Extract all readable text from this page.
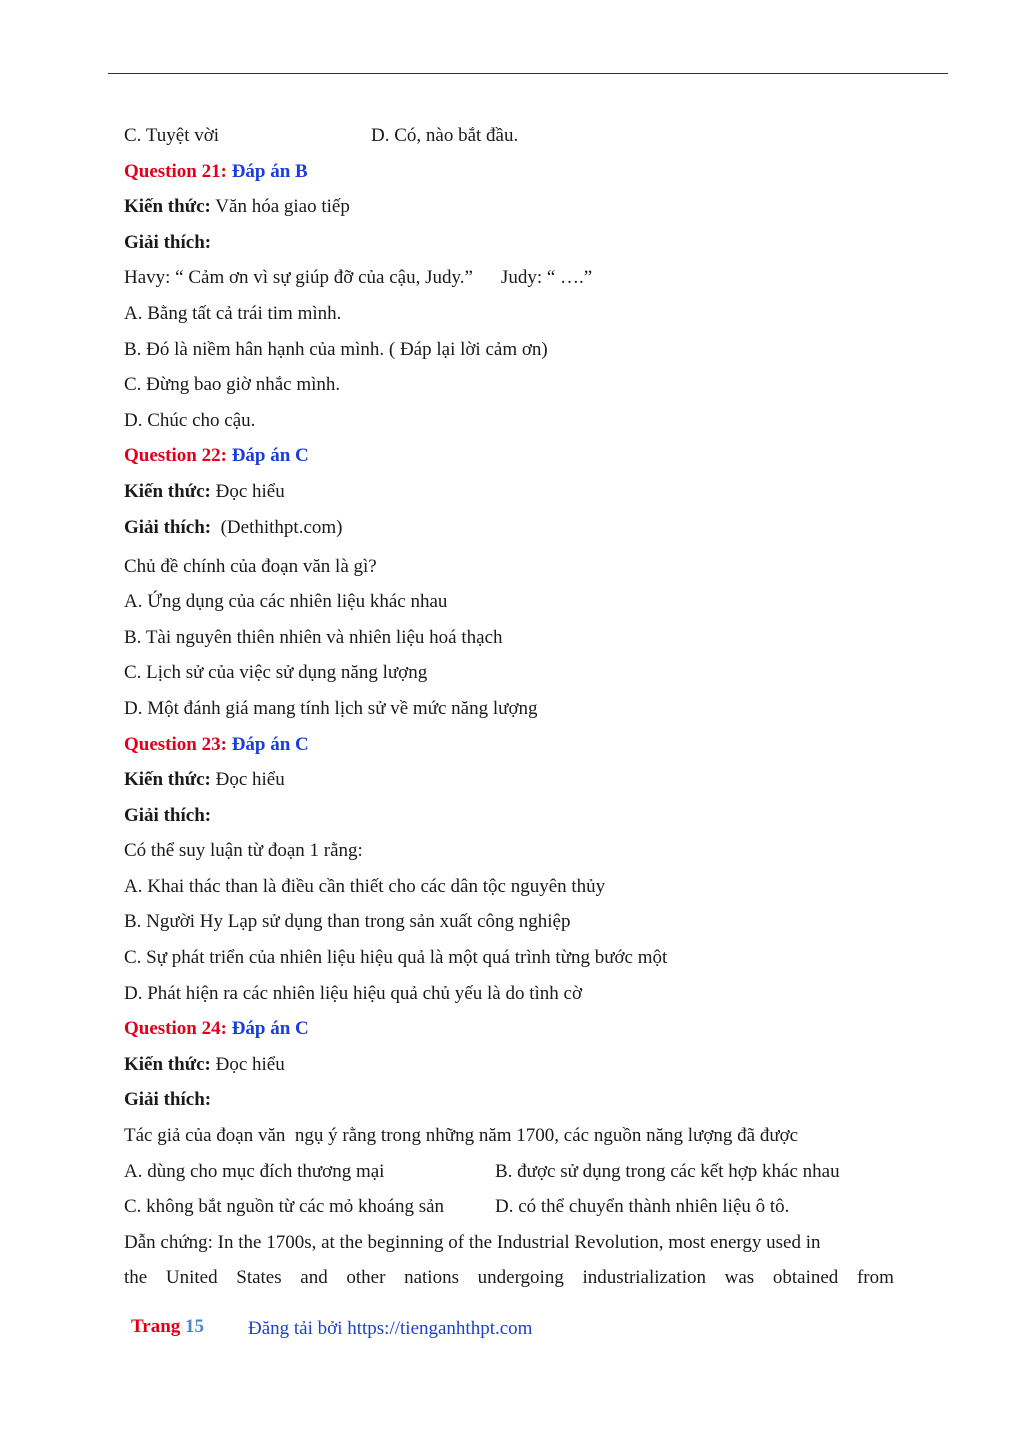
C. Tuyệt vời	D. Có, nào bắt đầu.
Question 21: Đáp án B
Kiến thức: Văn hóa giao tiếp
Giải thích:
Havy: “ Cảm ơn vì sự giúp đỡ của cậu, Judy.” Judy: “ ….”
A. Bằng tất cả trái tim mình.
B. Đó là niềm hân hạnh của mình. ( Đáp lại lời cảm ơn)
C. Đừng bao giờ nhắc mình.
D. Chúc cho cậu.
Question 22: Đáp án C
Kiến thức: Đọc hiểu
Giải thích: (Dethithpt.com)
Chủ đề chính của đoạn văn là gì?
A. Ứng dụng của các nhiên liệu khác nhau
B. Tài nguyên thiên nhiên và nhiên liệu hoá thạch
C. Lịch sử của việc sử dụng năng lượng
D. Một đánh giá mang tính lịch sử về mức năng lượng
Question 23: Đáp án C
Kiến thức: Đọc hiểu
Giải thích:
Có thể suy luận từ đoạn 1 rằng:
A. Khai thác than là điều cần thiết cho các dân tộc nguyên thủy
B. Người Hy Lạp sử dụng than trong sản xuất công nghiệp
C. Sự phát triển của nhiên liệu hiệu quả là một quá trình từng bước một
D. Phát hiện ra các nhiên liệu hiệu quả chủ yếu là do tình cờ
Question 24: Đáp án C
Kiến thức: Đọc hiểu
Giải thích:
Tác giả của đoạn văn  ngụ ý rằng trong những năm 1700, các nguồn năng lượng đã được
A. dùng cho mục đích thương mại	B. được sử dụng trong các kết hợp khác nhau
C. không bắt nguồn từ các mỏ khoáng sản	D. có thể chuyển thành nhiên liệu ô tô.
Dẫn chứng: In the 1700s, at the beginning of the Industrial Revolution, most energy used in
the United States and other nations undergoing industrialization was obtained from
Trang 15 Đăng tải bởi https://tienganhthpt.com
